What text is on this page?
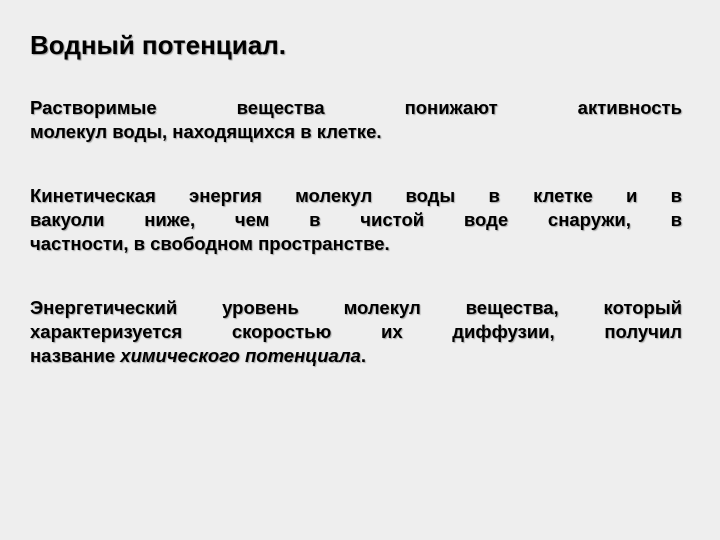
Водный потенциал.
Растворимые вещества понижают активность
молекул воды, находящихся в клетке.
Кинетическая энергия молекул воды в клетке и в
вакуоли ниже, чем в чистой воде снаружи, в
частности, в свободном пространстве.
Энергетический уровень молекул вещества, который
характеризуется скоростью их диффузии, получил
название химического потенциала.
